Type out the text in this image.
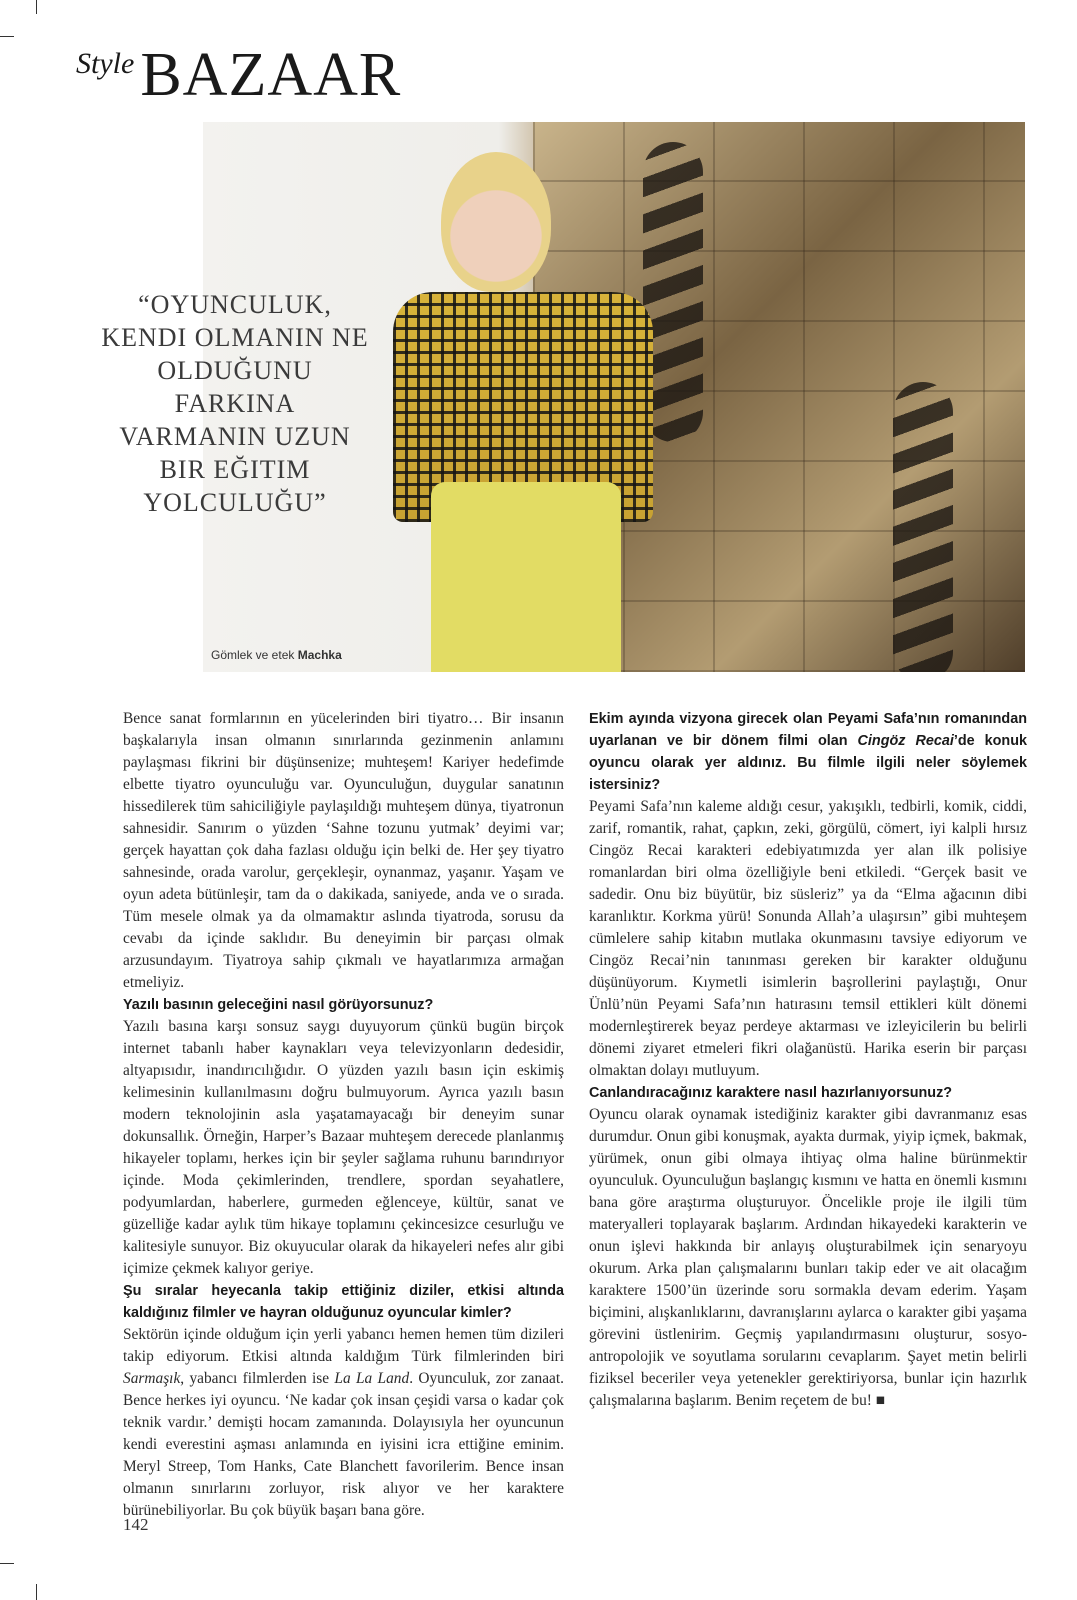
Style BAZAAR
Gömlek ve etek Machka

“OYUNCULUK, KENDI OLMANIN NE OLDUĞUNU FARKINA VARMANIN UZUN BIR EĞITIM YOLCULUĞU”

Bence sanat formlarının en yücelerinden biri tiyatro… Bir insanın başkalarıyla insan olmanın sınırlarında gezinmenin anlamını paylaşması fikrini bir düşünsenize; muhteşem! Kariyer hedefimde elbette tiyatro oyunculuğu var. Oyunculuğun, duygular sanatının hissedilerek tüm sahiciliğiyle paylaşıldığı muhteşem dünya, tiyatronun sahnesidir. Sanırım o yüzden ‘Sahne tozunu yutmak’ deyimi var; gerçek hayattan çok daha fazlası olduğu için belki de. Her şey tiyatro sahnesinde, orada varolur, gerçekleşir, oynanmaz, yaşanır. Yaşam ve oyun adeta bütünleşir, tam da o dakikada, saniyede, anda ve o sırada. Tüm mesele olmak ya da olmamaktır aslında tiyatroda, sorusu da cevabı da içinde saklıdır. Bu deneyimin bir parçası olmak arzusundayım. Tiyatroya sahip çıkmalı ve hayatlarımıza armağan etmeliyiz.

Yazılı basının geleceğini nasıl görüyorsunuz?

Yazılı basına karşı sonsuz saygı duyuyorum çünkü bugün birçok internet tabanlı haber kaynakları veya televizyonların dedesidir, altyapısıdır, inandırıcılığıdır. O yüzden yazılı basın için eskimiş kelimesinin kullanılmasını doğru bulmuyorum. Ayrıca yazılı basın modern teknolojinin asla yaşatamayacağı bir deneyim sunar dokunsallık. Örneğin, Harper’s Bazaar muhteşem derecede planlanmış hikayeler toplamı, herkes için bir şeyler sağlama ruhunu barındırıyor içinde. Moda çekimlerinden, trendlere, spordan seyahatlere, podyumlardan, haberlere, gurmeden eğlenceye, kültür, sanat ve güzelliğe kadar aylık tüm hikaye toplamını çekincesizce cesurluğu ve kalitesiyle sunuyor. Biz okuyucular olarak da hikayeleri nefes alır gibi içimize çekmek kalıyor geriye.

Şu sıralar heyecanla takip ettiğiniz diziler, etkisi altında kaldığınız filmler ve hayran olduğunuz oyuncular kimler?

Sektörün içinde olduğum için yerli yabancı hemen hemen tüm dizileri takip ediyorum. Etkisi altında kaldığım Türk filmlerinden biri Sarmaşık, yabancı filmlerden ise La La Land. Oyunculuk, zor zanaat. Bence herkes iyi oyuncu. ‘Ne kadar çok insan çeşidi varsa o kadar çok teknik vardır.’ demişti hocam zamanında. Dolayısıyla her oyuncunun kendi everestini aşması anlamında en iyisini icra ettiğine eminim. Meryl Streep, Tom Hanks, Cate Blanchett favorilerim. Bence insan olmanın sınırlarını zorluyor, risk alıyor ve her karaktere bürünebiliyorlar. Bu çok büyük başarı bana göre.

Ekim ayında vizyona girecek olan Peyami Safa’nın romanından uyarlanan ve bir dönem filmi olan Cingöz Recai’de konuk oyuncu olarak yer aldınız. Bu filmle ilgili neler söylemek istersiniz?

Peyami Safa’nın kaleme aldığı cesur, yakışıklı, tedbirli, komik, ciddi, zarif, romantik, rahat, çapkın, zeki, görgülü, cömert, iyi kalpli hırsız Cingöz Recai karakteri edebiyatımızda yer alan ilk polisiye romanlardan biri olma özelliğiyle beni etkiledi. “Gerçek basit ve sadedir. Onu biz büyütür, biz süsleriz” ya da “Elma ağacının dibi karanlıktır. Korkma yürü! Sonunda Allah’a ulaşırsın” gibi muhteşem cümlelere sahip kitabın mutlaka okunmasını tavsiye ediyorum ve Cingöz Recai’nin tanınması gereken bir karakter olduğunu düşünüyorum. Kıymetli isimlerin başrollerini paylaştığı, Onur Ünlü’nün Peyami Safa’nın hatırasını temsil ettikleri kült dönemi modernleştirerek beyaz perdeye aktarması ve izleyicilerin bu belirli dönemi ziyaret etmeleri fikri olağanüstü. Harika eserin bir parçası olmaktan dolayı mutluyum.

Canlandıracağınız karaktere nasıl hazırlanıyorsunuz?

Oyuncu olarak oynamak istediğiniz karakter gibi davranmanız esas durumdur. Onun gibi konuşmak, ayakta durmak, yiyip içmek, bakmak, yürümek, onun gibi olmaya ihtiyaç olma haline bürünmektir oyunculuk. Oyunculuğun başlangıç kısmını ve hatta en önemli kısmını bana göre araştırma oluşturuyor. Öncelikle proje ile ilgili tüm materyalleri toplayarak başlarım. Ardından hikayedeki karakterin ve onun işlevi hakkında bir anlayış oluşturabilmek için senaryoyu okurum. Arka plan çalışmalarını bunları takip eder ve ait olacağım karaktere 1500’ün üzerinde soru sormakla devam ederim. Yaşam biçimini, alışkanlıklarını, davranışlarını aylarca o karakter gibi yaşama görevini üstlenirim. Geçmiş yapılandırmasını oluşturur, sosyo-antropolojik ve soyutlama sorularını cevaplarım. Şayet metin belirli fiziksel beceriler veya yetenekler gerektiriyorsa, bunlar için hazırlık çalışmalarına başlarım. Benim reçetem de bu! ■

142
